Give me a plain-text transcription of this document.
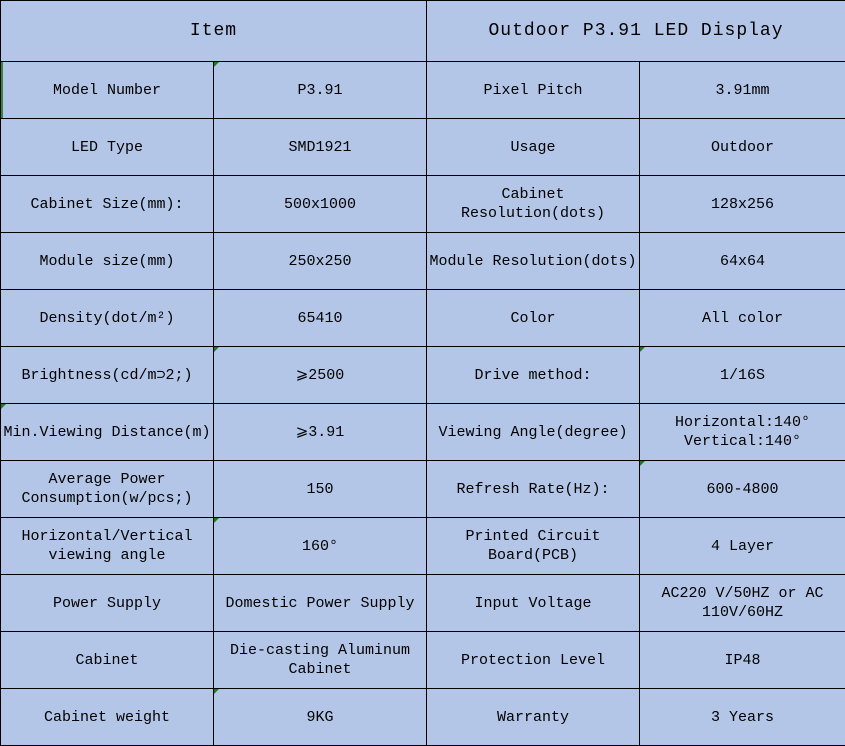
Item		Outdoor P3.91 LED Display	
Model Number	P3.91	Pixel Pitch	3.91mm
LED Type	SMD1921	Usage	Outdoor
Cabinet Size(mm):	500x1000	Cabinet Resolution(dots)	128x256
Module size(mm)	250x250	Module Resolution(dots)	64x64
Density(dot/m²)	65410	Color	All color
Brightness(cd/m⊃2;)	⩾2500	Drive method:	1/16S
Min.Viewing Distance(m)	⩾3.91	Viewing Angle(degree)	Horizontal:140° Vertical:140°
Average Power Consumption(w/pcs;)	150	Refresh Rate(Hz):	600-4800
Horizontal/Vertical viewing angle	160°	Printed Circuit Board(PCB)	4 Layer
Power Supply	Domestic Power Supply	Input Voltage	AC220 V/50HZ or AC 110V/60HZ
Cabinet	Die-casting Aluminum Cabinet	Protection Level	IP48
Cabinet weight	9KG	Warranty	3 Years
